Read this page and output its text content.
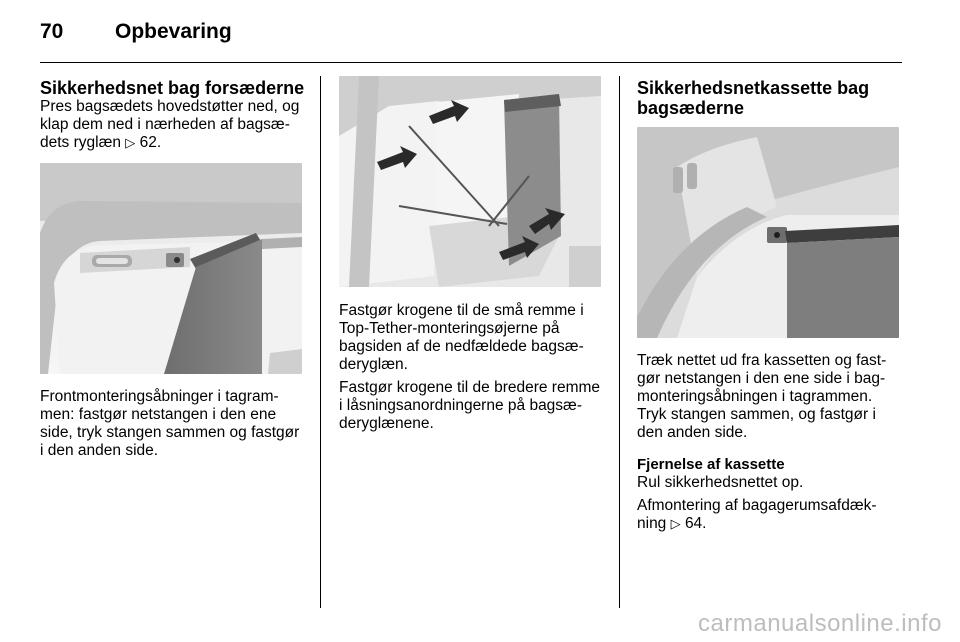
70 Opbevaring

Sikkerhedsnet bag forsæderne

Pres bagsædets hovedstøtter ned, og
klap dem ned i nærheden af bagsæ-
dets ryglæn ▷ 62.

Frontmonteringsåbninger i tagram-
men: fastgør netstangen i den ene
side, tryk stangen sammen og fastgør
i den anden side.

Fastgør krogene til de små remme i
Top-Tether-monteringsøjerne på
bagsiden af de nedfældede bagsæ-
deryglæn.

Fastgør krogene til de bredere remme
i låsningsanordningerne på bagsæ-
deryglænene.

Sikkerhedsnetkassette bag
bagsæderne

Træk nettet ud fra kassetten og fast-
gør netstangen i den ene side i bag-
monteringsåbningen i tagrammen.
Tryk stangen sammen, og fastgør i
den anden side.

Fjernelse af kassette

Rul sikkerhedsnettet op.

Afmontering af bagagerumsafdæk-
ning ▷ 64.

carmanualsonline.info
